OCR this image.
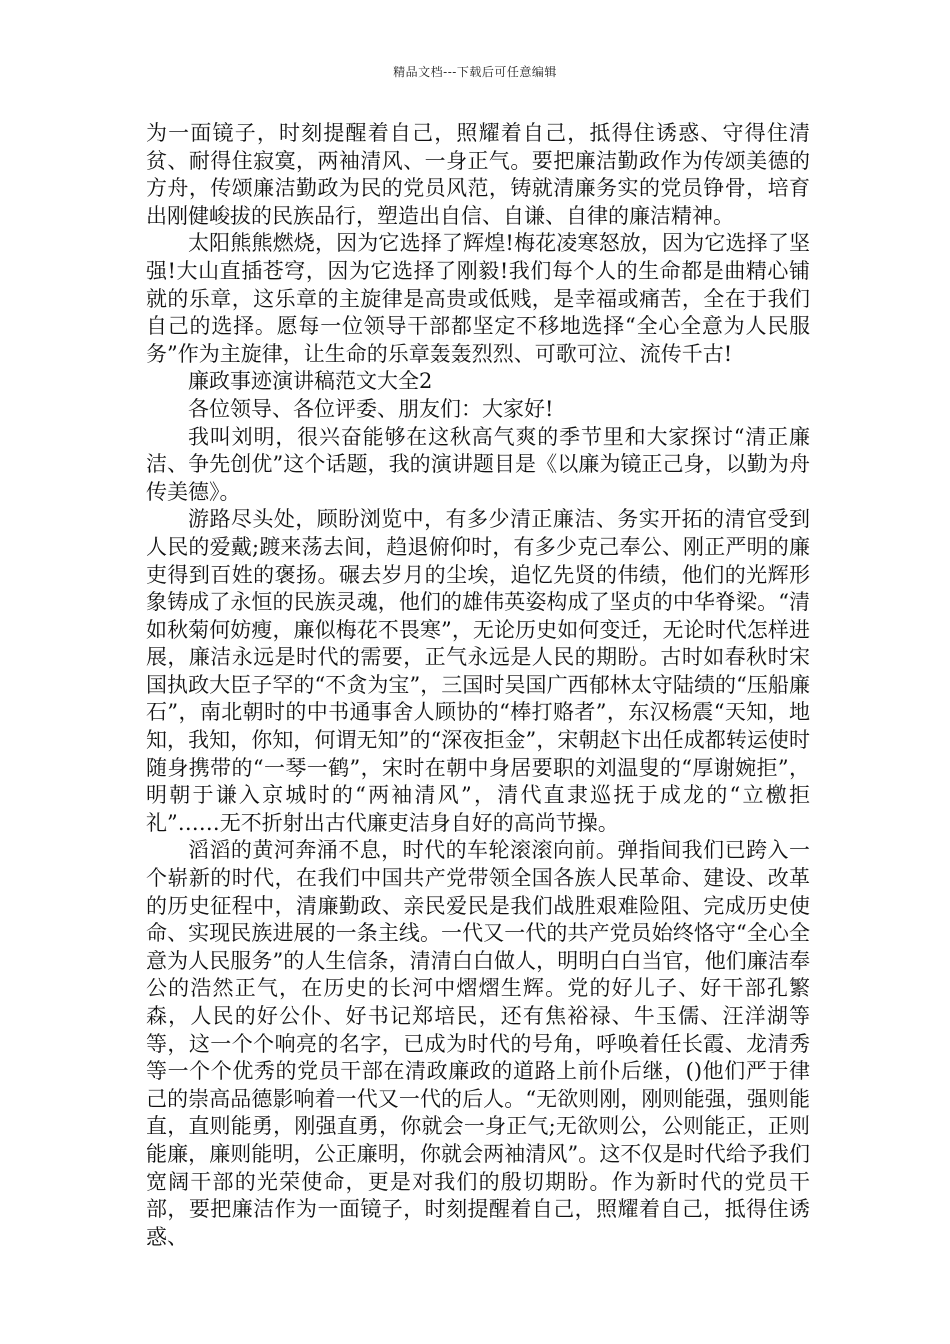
精品文档---下载后可任意编辑

为一面镜子，时刻提醒着自己，照耀着自己，抵得住诱惑、守得住清贫、耐得住寂寞，两袖清风、一身正气。要把廉洁勤政作为传颂美德的方舟，传颂廉洁勤政为民的党员风范，铸就清廉务实的党员铮骨，培育出刚健峻拔的民族品行，塑造出自信、自谦、自律的廉洁精神。

太阳熊熊燃烧，因为它选择了辉煌!梅花凌寒怒放，因为它选择了坚强!大山直插苍穹，因为它选择了刚毅!我们每个人的生命都是曲精心铺就的乐章，这乐章的主旋律是高贵或低贱，是幸福或痛苦，全在于我们自己的选择。愿每一位领导干部都坚定不移地选择“全心全意为人民服务”作为主旋律，让生命的乐章轰轰烈烈、可歌可泣、流传千古!

廉政事迹演讲稿范文大全2

各位领导、各位评委、朋友们：大家好!

我叫刘明，很兴奋能够在这秋高气爽的季节里和大家探讨“清正廉洁、争先创优”这个话题，我的演讲题目是《以廉为镜正己身，以勤为舟传美德》。

游路尽头处，顾盼浏览中，有多少清正廉洁、务实开拓的清官受到人民的爱戴;踱来荡去间，趋退俯仰时，有多少克己奉公、刚正严明的廉吏得到百姓的褒扬。碾去岁月的尘埃，追忆先贤的伟绩，他们的光辉形象铸成了永恒的民族灵魂，他们的雄伟英姿构成了坚贞的中华脊梁。“清如秋菊何妨瘦，廉似梅花不畏寒”，无论历史如何变迁，无论时代怎样进展，廉洁永远是时代的需要，正气永远是人民的期盼。古时如春秋时宋国执政大臣子罕的“不贪为宝”，三国时吴国广西郁林太守陆绩的“压船廉石”，南北朝时的中书通事舍人顾协的“棒打赂者”，东汉杨震“天知，地知，我知，你知，何谓无知”的“深夜拒金”，宋朝赵卞出任成都转运使时随身携带的“一琴一鹤”，宋时在朝中身居要职的刘温叟的“厚谢婉拒”，明朝于谦入京城时的“两袖清风”，清代直隶巡抚于成龙的“立檄拒礼”……无不折射出古代廉吏洁身自好的高尚节操。

滔滔的黄河奔涌不息，时代的车轮滚滚向前。弹指间我们已跨入一个崭新的时代，在我们中国共产党带领全国各族人民革命、建设、改革的历史征程中，清廉勤政、亲民爱民是我们战胜艰难险阻、完成历史使命、实现民族进展的一条主线。一代又一代的共产党员始终恪守“全心全意为人民服务”的人生信条，清清白白做人，明明白白当官，他们廉洁奉公的浩然正气，在历史的长河中熠熠生辉。党的好儿子、好干部孔繁森，人民的好公仆、好书记郑培民，还有焦裕禄、牛玉儒、汪洋湖等等，这一个个响亮的名字，已成为时代的号角，呼唤着任长霞、龙清秀等一个个优秀的党员干部在清政廉政的道路上前仆后继，()他们严于律己的崇高品德影响着一代又一代的后人。“无欲则刚，刚则能强，强则能直，直则能勇，刚强直勇，你就会一身正气;无欲则公，公则能正，正则能廉，廉则能明，公正廉明，你就会两袖清风”。这不仅是时代给予我们宽阔干部的光荣使命，更是对我们的殷切期盼。作为新时代的党员干部，要把廉洁作为一面镜子，时刻提醒着自己，照耀着自己，抵得住诱惑、
